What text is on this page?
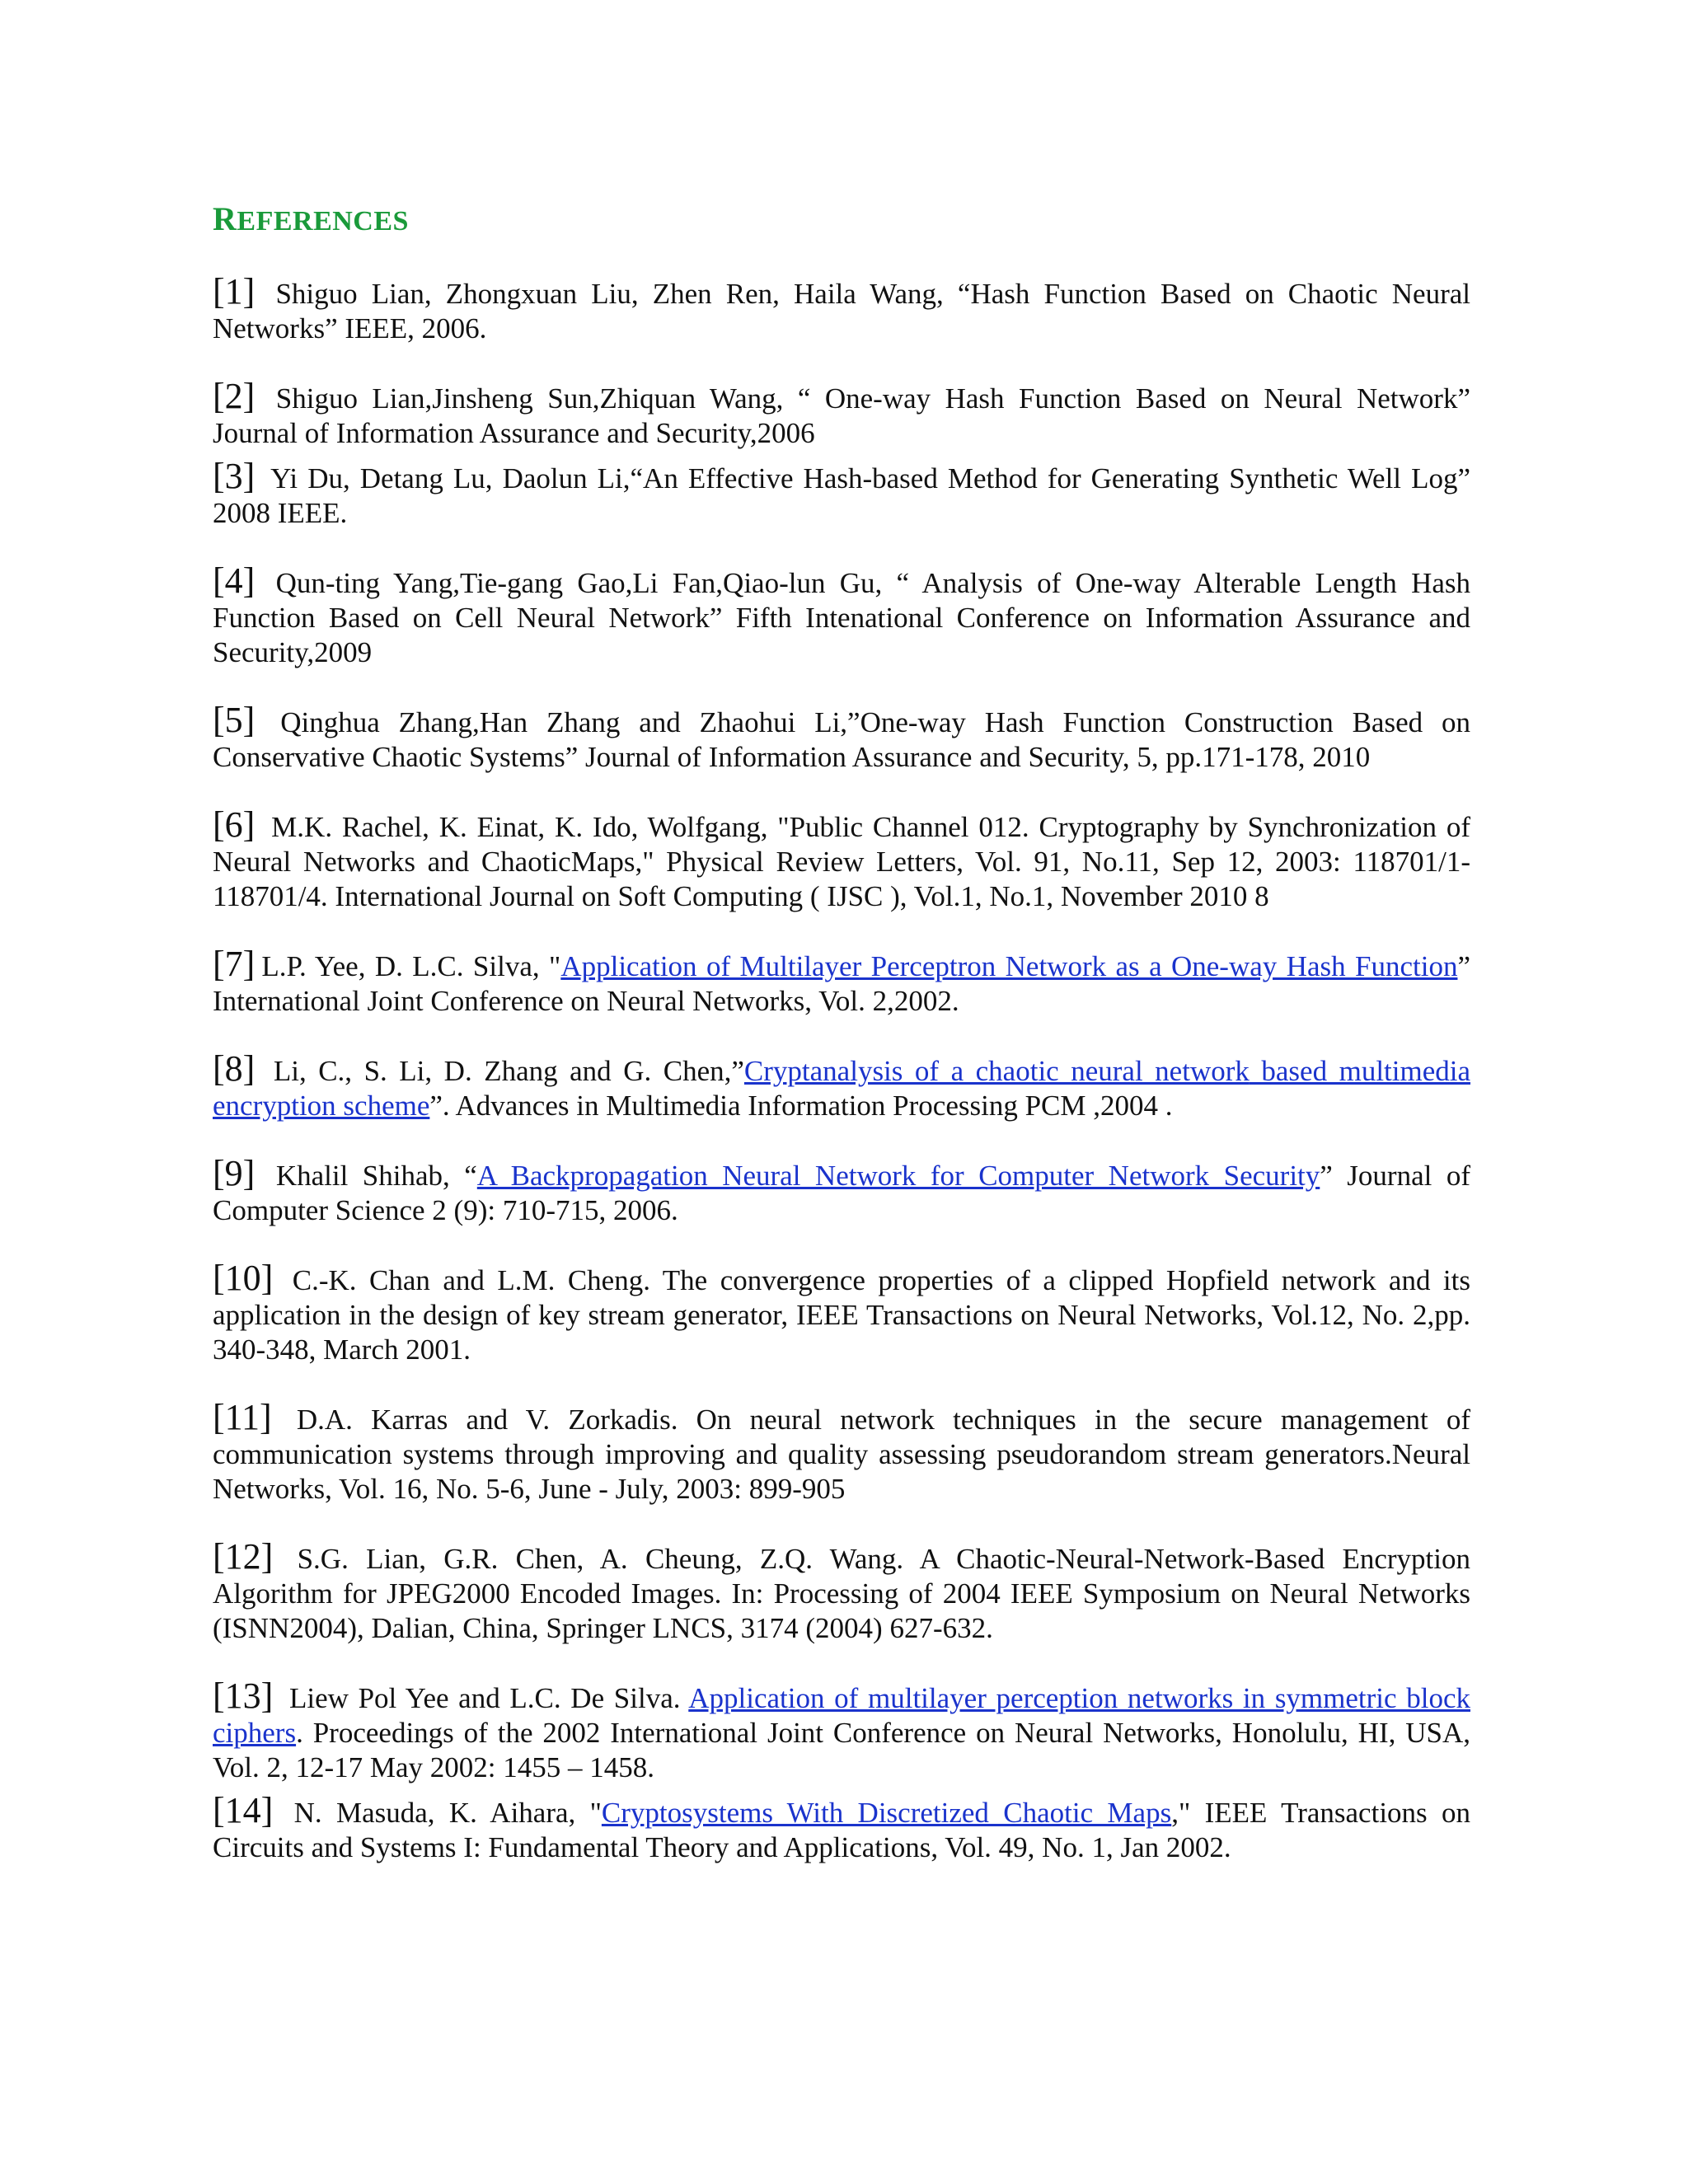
REFERENCES

[1] Shiguo Lian, Zhongxuan Liu, Zhen Ren, Haila Wang, “Hash Function Based on Chaotic Neural Networks” IEEE, 2006.

[2] Shiguo Lian,Jinsheng Sun,Zhiquan Wang, “ One-way Hash Function Based on Neural Network” Journal of Information Assurance and Security,2006

[3] Yi Du, Detang Lu, Daolun Li,“An Effective Hash-based Method for Generating Synthetic Well Log” 2008 IEEE.

[4] Qun-ting Yang,Tie-gang Gao,Li Fan,Qiao-lun Gu, “ Analysis of One-way Alterable Length Hash Function Based on Cell Neural Network” Fifth Intenational Conference on Information Assurance and Security,2009

[5] Qinghua Zhang,Han Zhang and Zhaohui Li,”One-way Hash Function Construction Based on Conservative Chaotic Systems” Journal of Information Assurance and Security, 5, pp.171-178, 2010

[6] M.K. Rachel, K. Einat, K. Ido, Wolfgang, "Public Channel 012. Cryptography by Synchronization of Neural Networks and ChaoticMaps," Physical Review Letters, Vol. 91, No.11, Sep 12, 2003: 118701/1-118701/4. International Journal on Soft Computing ( IJSC ), Vol.1, No.1, November 2010 8

[7] L.P. Yee, D. L.C. Silva, "Application of Multilayer Perceptron Network as a One-way Hash Function” International Joint Conference on Neural Networks, Vol. 2,2002.

[8] Li, C., S. Li, D. Zhang and G. Chen,”Cryptanalysis of a chaotic neural network based multimedia encryption scheme”. Advances in Multimedia Information Processing PCM ,2004 .

[9] Khalil Shihab, “A Backpropagation Neural Network for Computer Network Security” Journal of Computer Science 2 (9): 710-715, 2006.

[10] C.-K. Chan and L.M. Cheng. The convergence properties of a clipped Hopfield network and its application in the design of key stream generator, IEEE Transactions on Neural Networks, Vol.12, No. 2,pp. 340-348, March 2001.

[11] D.A. Karras and V. Zorkadis. On neural network techniques in the secure management of communication systems through improving and quality assessing pseudorandom stream generators.Neural Networks, Vol. 16, No. 5-6, June - July, 2003: 899-905

[12] S.G. Lian, G.R. Chen, A. Cheung, Z.Q. Wang. A Chaotic-Neural-Network-Based Encryption Algorithm for JPEG2000 Encoded Images. In: Processing of 2004 IEEE Symposium on Neural Networks (ISNN2004), Dalian, China, Springer LNCS, 3174 (2004) 627-632.

[13] Liew Pol Yee and L.C. De Silva. Application of multilayer perception networks in symmetric block ciphers. Proceedings of the 2002 International Joint Conference on Neural Networks, Honolulu, HI, USA, Vol. 2, 12-17 May 2002: 1455 – 1458.

[14] N. Masuda, K. Aihara, "Cryptosystems With Discretized Chaotic Maps," IEEE Transactions on Circuits and Systems I: Fundamental Theory and Applications, Vol. 49, No. 1, Jan 2002.
